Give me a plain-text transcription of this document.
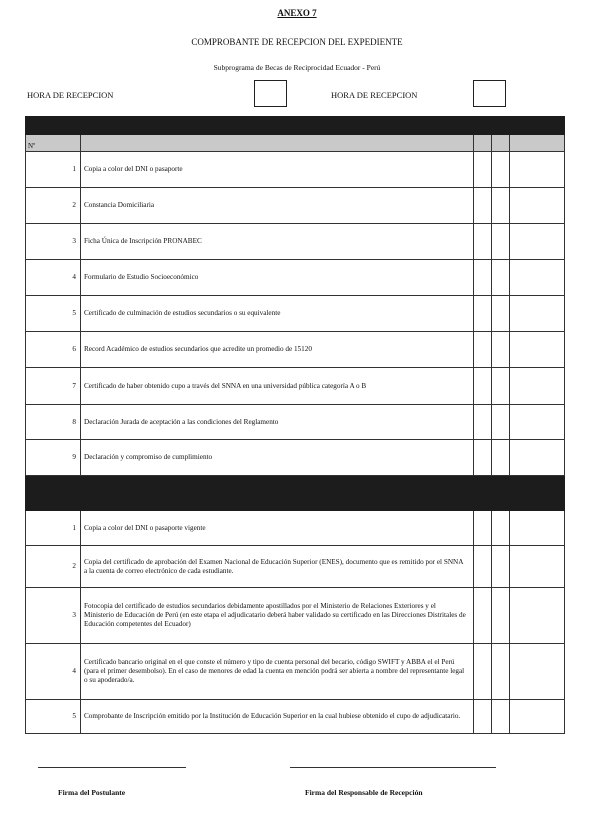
ANEXO 7
COMPROBANTE DE RECEPCION DEL EXPEDIENTE
Subprograma de Becas de Reciprocidad Ecuador - Perú
HORA DE RECEPCION	HORA DE RECEPCION

Nº				
1	Copia a color del DNI o pasaporte			
2	Constancia Domiciliaria			
3	Ficha Única de Inscripción PRONABEC			
4	Formulario de Estudio Socioeconómico			
5	Certificado de culminación de estudios secundarios o su equivalente			
6	Record Académico de estudios secundarios que acredite un promedio de 15120			
7	Certificado de haber obtenido cupo a través del SNNA en una universidad pública categoría A o B			
8	Declaración Jurada de aceptación a las condiciones del Reglamento			
9	Declaración y compromiso de cumplimiento			

1	Copia a color del DNI o pasaporte vigente			
2	Copia del certificado de aprobación del Examen Nacional de Educación Superior (ENES), documento que es remitido por el SNNA a la cuenta de correo electrónico de cada estudiante.			
3	Fotocopia del certificado de estudios secundarios debidamente apostillados por el Ministerio de Relaciones Exteriores y el Ministerio de Educación de Perú (en este etapa el adjudicatario deberá haber validado su certificado en las Direcciones Distritales de Educación competentes del Ecuador)			
4	Certificado bancario original en el que conste el número y tipo de cuenta personal del becario, código SWIFT y ABBA el el Perú (para el primer desembolso). En el caso de menores de edad la cuenta en mención podrá ser abierta a nombre del representante legal o su apoderado/a.			
5	Comprobante de Inscripción emitido por la Institución de Educación Superior en la cual hubiese obtenido el cupo de adjudicatario.			
Firma del Postulante	Firma del Responsable de Recepción
